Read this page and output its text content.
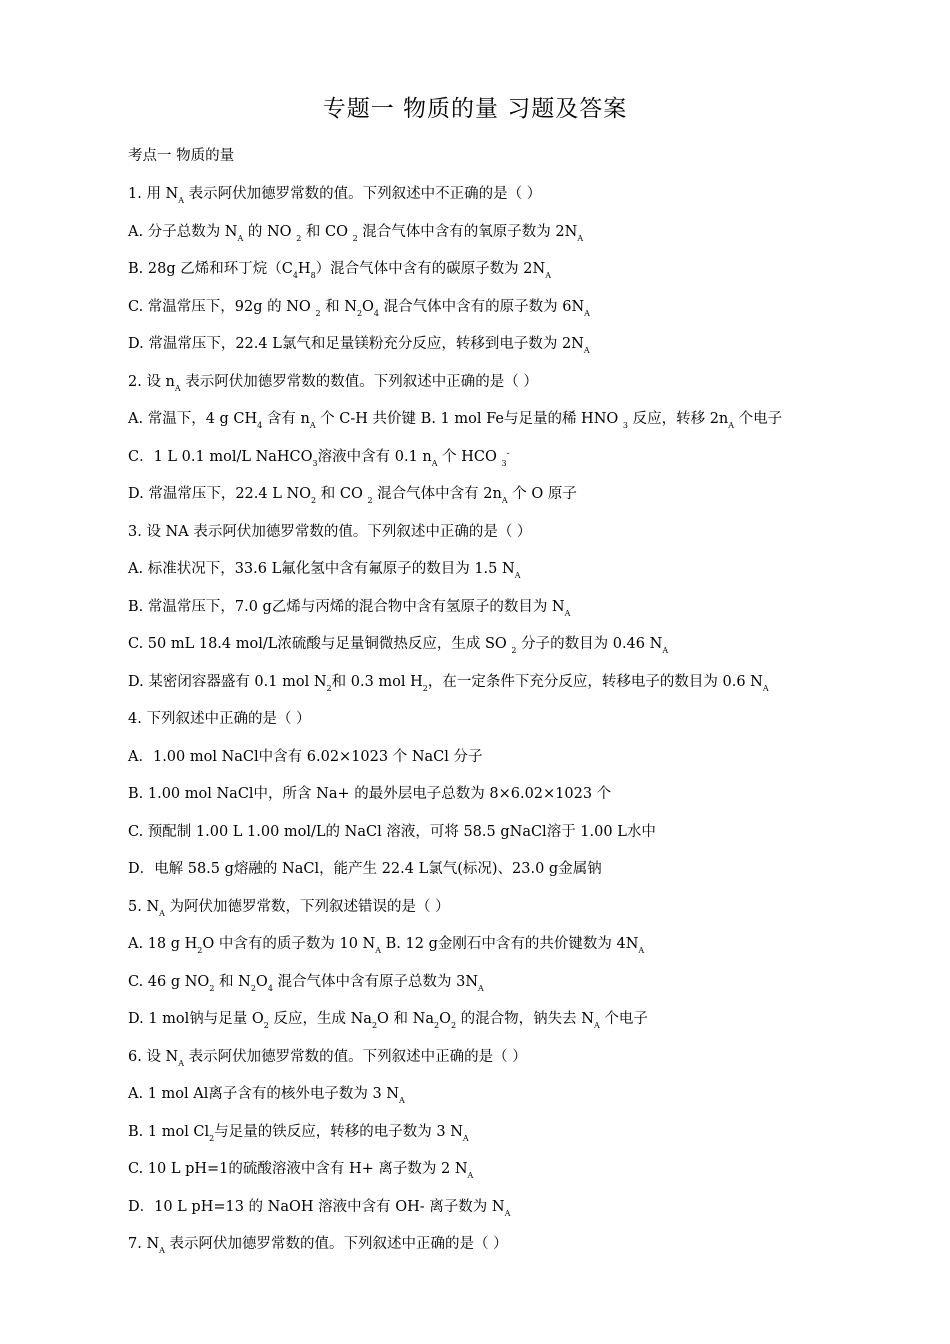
专题一 物质的量 习题及答案
考点一 物质的量
1. 用 $N_A$ 表示阿伏加德罗常数的值。下列叙述中不正确的是（ ）
A. 分子总数为 $N_A$ 的 NO $_2$ 和 CO $_2$ 混合气体中含有的氧原子数为 $2N_A$
B. 28g 乙烯和环丁烷$(C_4H_8)$混合气体中含有的碳原子数为 $2N_A$
C. 常温常压下，92g 的 NO $_2$ 和 $N_2O_4$ 混合气体中含有的原子数为 $6N_A$
D. 常温常压下，22.4 L氯气和足量镁粉充分反应，转移到电子数为 $2N_A$
2. 设 $n_A$ 表示阿伏加德罗常数的数值。下列叙述中正确的是（ ）
A. 常温下，4 g $CH_4$ 含有 $n_A$ 个 C-H 共价键 B. 1 mol Fe与足量的稀 HNO $_3$ 反应，转移 $2n_A$ 个电子
C．1 L 0.1 mol/L NaHCO$_3$溶液中含有 0.1 $n_A$ 个 HCO $_3$-
D. 常温常压下，22.4 L $NO_2$ 和 CO $_2$ 混合气体中含有 $2n_A$ 个 O 原子
3. 设 NA 表示阿伏加德罗常数的值。下列叙述中正确的是（ ）
A. 标准状况下，33.6 L氟化氢中含有氟原子的数目为 1.5 $N_A$
B. 常温常压下，7.0 g乙烯与丙烯的混合物中含有氢原子的数目为 $N_A$
C. 50 mL 18.4 mol/L浓硫酸与足量铜微热反应，生成 SO $_2$ 分子的数目为 0.46 $N_A$
D. 某密闭容器盛有 0.1 mol $N_2$和 0.3 mol $H_2$，在一定条件下充分反应，转移电子的数目为 0.6 $N_A$
4. 下列叙述中正确的是（ ）
A．1.00 mol NaCl中含有 6.02×1023 个 NaCl 分子
B. 1.00 mol NaCl中，所含 Na+ 的最外层电子总数为 8×6.02×1023 个
C. 预配制 1.00 L 1.00 mol/L的 NaCl 溶液，可将 58.5 gNaCl溶于 1.00 L水中
D．电解 58.5 g熔融的 NaCl，能产生 22.4 L氯气(标况)、23.0 g金属钠
5. $N_A$ 为阿伏加德罗常数，下列叙述错误的是（ ）
A. 18 g $H_2O$ 中含有的质子数为 10 $N_A$ B. 12 g金刚石中含有的共价键数为 $4N_A$
C. 46 g $NO_2$ 和 $N_2O_4$ 混合气体中含有原子总数为 $3N_A$
D. 1 mol钠与足量 $O_2$ 反应，生成 $Na_2O$ 和 $Na_2O_2$ 的混合物，钠失去 $N_A$ 个电子
6. 设 $N_A$ 表示阿伏加德罗常数的值。下列叙述中正确的是（ ）
A. 1 mol Al离子含有的核外电子数为 3 $N_A$
B. 1 mol $Cl_2$与足量的铁反应，转移的电子数为 3 $N_A$
C. 10 L pH=1的硫酸溶液中含有 H+ 离子数为 2 $N_A$
D．10 L pH=13 的 NaOH 溶液中含有 OH- 离子数为 $N_A$
7. $N_A$ 表示阿伏加德罗常数的值。下列叙述中正确的是（ ）
